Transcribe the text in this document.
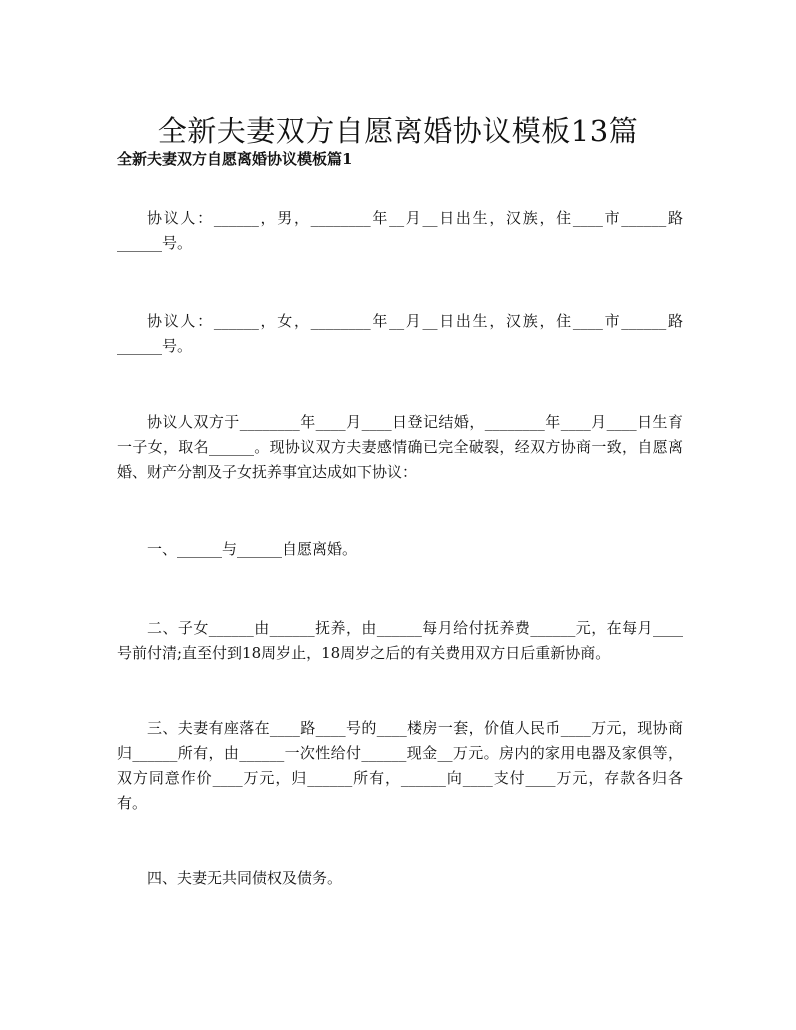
全新夫妻双方自愿离婚协议模板13篇
全新夫妻双方自愿离婚协议模板篇1

协议人：______，男，________年__月__日出生，汉族，住____市______路______号。

协议人：______，女，________年__月__日出生，汉族，住____市______路______号。

协议人双方于________年____月____日登记结婚，________年____月____日生育一子女，取名______。现协议双方夫妻感情确已完全破裂，经双方协商一致，自愿离婚、财产分割及子女抚养事宜达成如下协议：

一、______与______自愿离婚。

二、子女______由______抚养，由______每月给付抚养费______元，在每月____号前付清;直至付到18周岁止，18周岁之后的有关费用双方日后重新协商。

三、夫妻有座落在____路____号的____楼房一套，价值人民币____万元，现协商归______所有，由______一次性给付______现金__万元。房内的家用电器及家俱等，双方同意作价____万元，归______所有，______向____支付____万元，存款各归各有。

四、夫妻无共同债权及债务。
